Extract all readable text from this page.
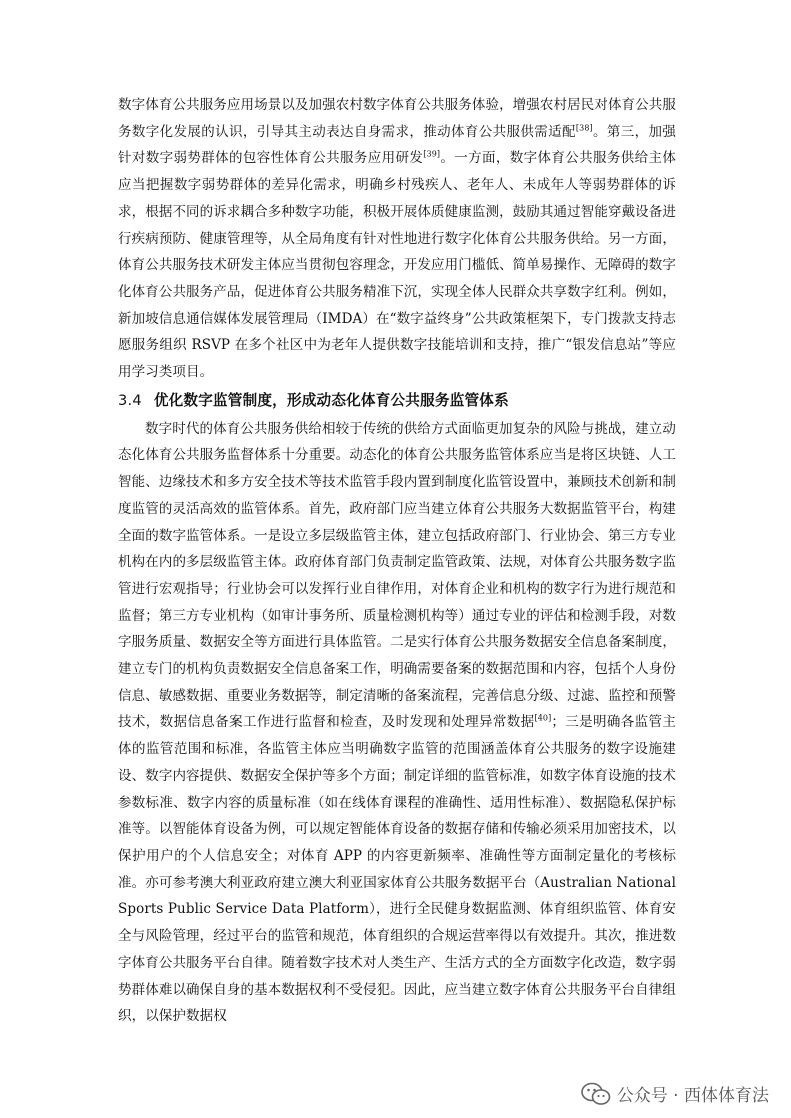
数字体育公共服务应用场景以及加强农村数字体育公共服务体验，增强农村居民对体育公共服务数字化发展的认识，引导其主动表达自身需求，推动体育公共服供需适配[38]。第三，加强针对数字弱势群体的包容性体育公共服务应用研发[39]。一方面，数字体育公共服务供给主体应当把握数字弱势群体的差异化需求，明确乡村残疾人、老年人、未成年人等弱势群体的诉求，根据不同的诉求耦合多种数字功能，积极开展体质健康监测，鼓励其通过智能穿戴设备进行疾病预防、健康管理等，从全局角度有针对性地进行数字化体育公共服务供给。另一方面，体育公共服务技术研发主体应当贯彻包容理念，开发应用门槛低、简单易操作、无障碍的数字化体育公共服务产品，促进体育公共服务精准下沉，实现全体人民群众共享数字红利。例如，新加坡信息通信媒体发展管理局（IMDA）在“数字益终身”公共政策框架下，专门拨款支持志愿服务组织 RSVP 在多个社区中为老年人提供数字技能培训和支持，推广“银发信息站”等应用学习类项目。

3.4 优化数字监管制度，形成动态化体育公共服务监管体系

数字时代的体育公共服务供给相较于传统的供给方式面临更加复杂的风险与挑战，建立动态化体育公共服务监督体系十分重要。动态化的体育公共服务监管体系应当是将区块链、人工智能、边缘技术和多方安全技术等技术监管手段内置到制度化监管设置中，兼顾技术创新和制度监管的灵活高效的监管体系。首先，政府部门应当建立体育公共服务大数据监管平台，构建全面的数字监管体系。一是设立多层级监管主体，建立包括政府部门、行业协会、第三方专业机构在内的多层级监管主体。政府体育部门负责制定监管政策、法规，对体育公共服务数字监管进行宏观指导；行业协会可以发挥行业自律作用，对体育企业和机构的数字行为进行规范和监督；第三方专业机构（如审计事务所、质量检测机构等）通过专业的评估和检测手段，对数字服务质量、数据安全等方面进行具体监管。二是实行体育公共服务数据安全信息备案制度，建立专门的机构负责数据安全信息备案工作，明确需要备案的数据范围和内容，包括个人身份信息、敏感数据、重要业务数据等，制定清晰的备案流程，完善信息分级、过滤、监控和预警技术，数据信息备案工作进行监督和检查，及时发现和处理异常数据[40]；三是明确各监管主体的监管范围和标准，各监管主体应当明确数字监管的范围涵盖体育公共服务的数字设施建设、数字内容提供、数据安全保护等多个方面；制定详细的监管标准，如数字体育设施的技术参数标准、数字内容的质量标准（如在线体育课程的准确性、适用性标准）、数据隐私保护标准等。以智能体育设备为例，可以规定智能体育设备的数据存储和传输必须采用加密技术，以保护用户的个人信息安全；对体育 APP 的内容更新频率、准确性等方面制定量化的考核标准。亦可参考澳大利亚政府建立澳大利亚国家体育公共服务数据平台（Australian National Sports Public Service Data Platform），进行全民健身数据监测、体育组织监管、体育安全与风险管理，经过平台的监管和规范，体育组织的合规运营率得以有效提升。其次，推进数字体育公共服务平台自律。随着数字技术对人类生产、生活方式的全方面数字化改造，数字弱势群体难以确保自身的基本数据权利不受侵犯。因此，应当建立数字体育公共服务平台自律组织，以保护数据权

公众号 · 西体体育法
